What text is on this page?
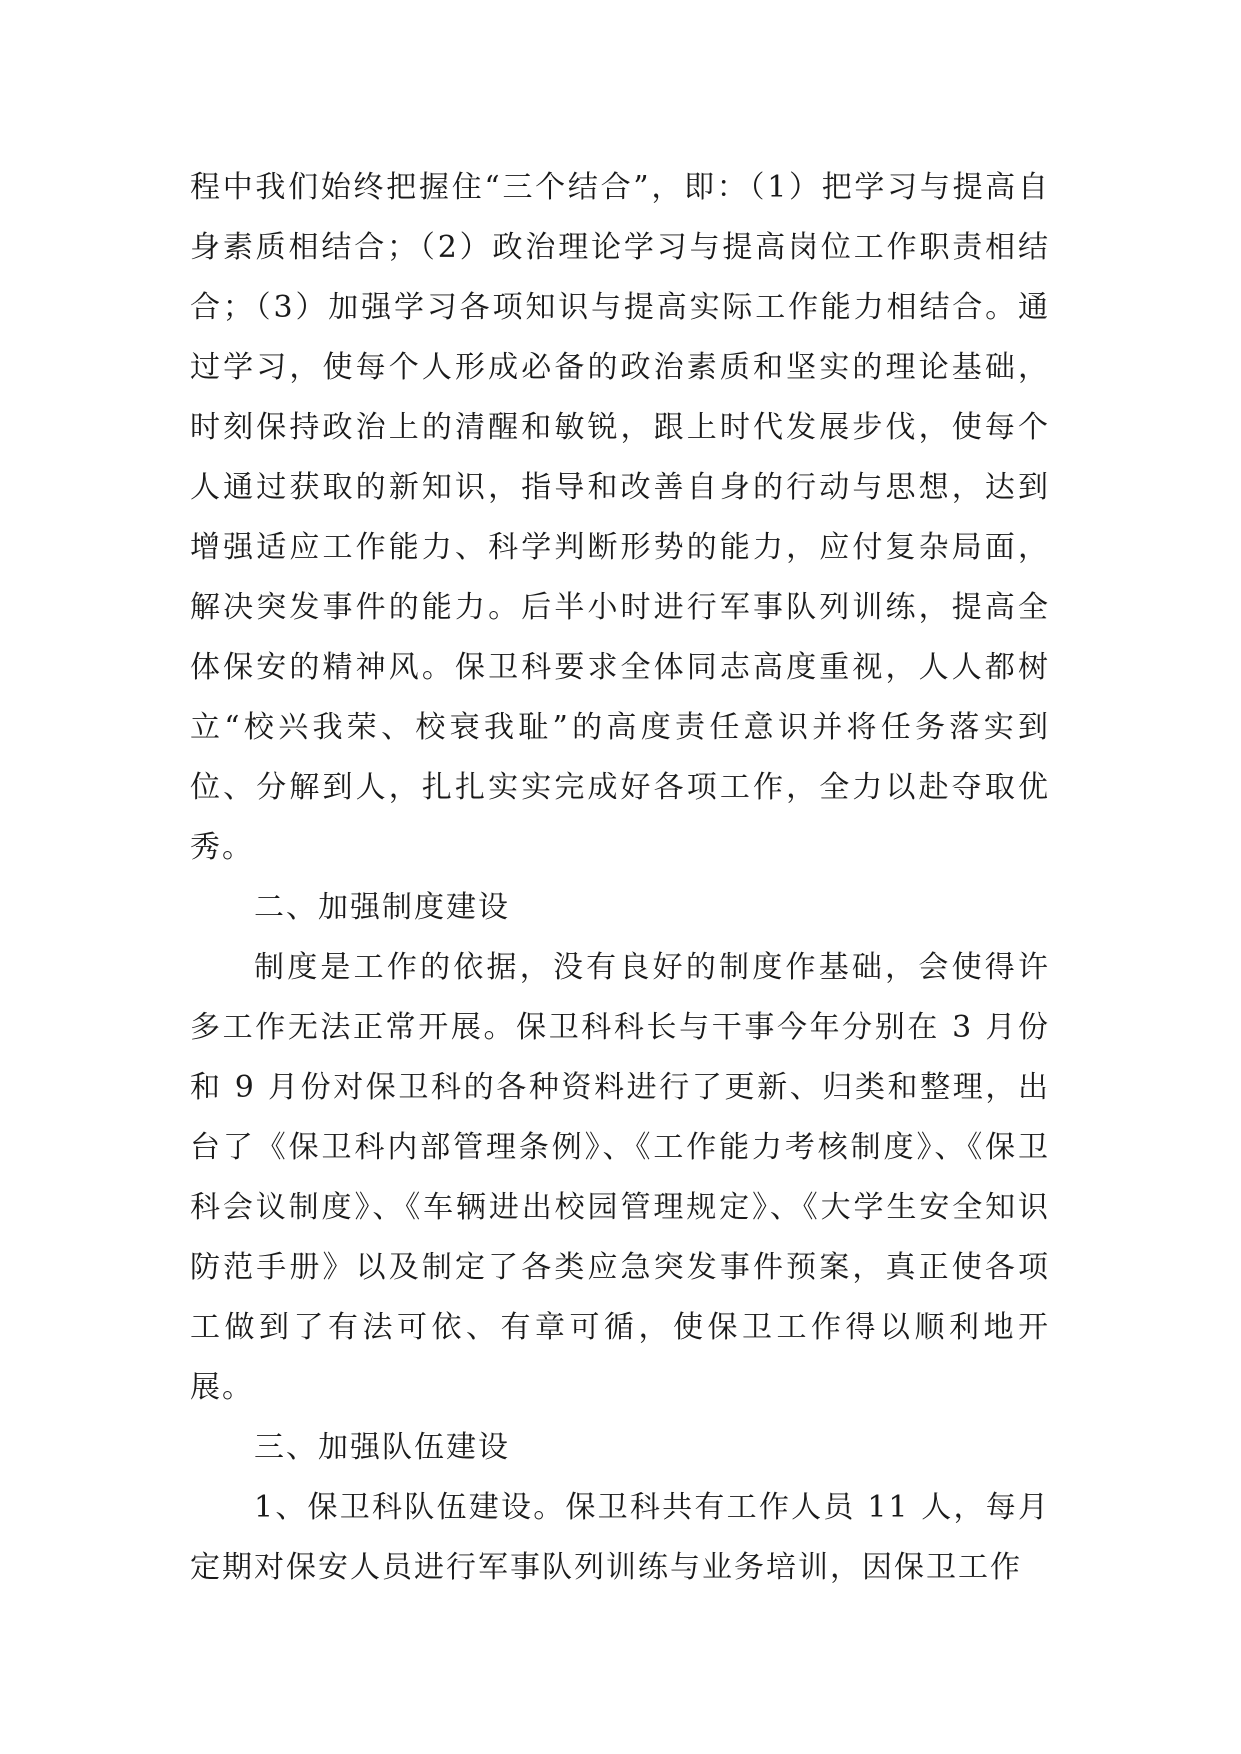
程中我们始终把握住“三个结合”，即：（1）把学习与提高自身素质相结合；（2）政治理论学习与提高岗位工作职责相结合；（3）加强学习各项知识与提高实际工作能力相结合。通过学习，使每个人形成必备的政治素质和坚实的理论基础，时刻保持政治上的清醒和敏锐，跟上时代发展步伐，使每个人通过获取的新知识，指导和改善自身的行动与思想，达到增强适应工作能力、科学判断形势的能力，应付复杂局面，解决突发事件的能力。后半小时进行军事队列训练，提高全体保安的精神风。保卫科要求全体同志高度重视，人人都树立“校兴我荣、校衰我耻”的高度责任意识并将任务落实到位、分解到人，扎扎实实完成好各项工作，全力以赴夺取优秀。

二、加强制度建设

制度是工作的依据，没有良好的制度作基础，会使得许多工作无法正常开展。保卫科科长与干事今年分别在 3 月份和 9 月份对保卫科的各种资料进行了更新、归类和整理，出台了《保卫科内部管理条例》、《工作能力考核制度》、《保卫科会议制度》、《车辆进出校园管理规定》、《大学生安全知识防范手册》以及制定了各类应急突发事件预案，真正使各项工做到了有法可依、有章可循，使保卫工作得以顺利地开展。

三、加强队伍建设

1、保卫科队伍建设。保卫科共有工作人员 11 人，每月定期对保安人员进行军事队列训练与业务培训，因保卫工作
